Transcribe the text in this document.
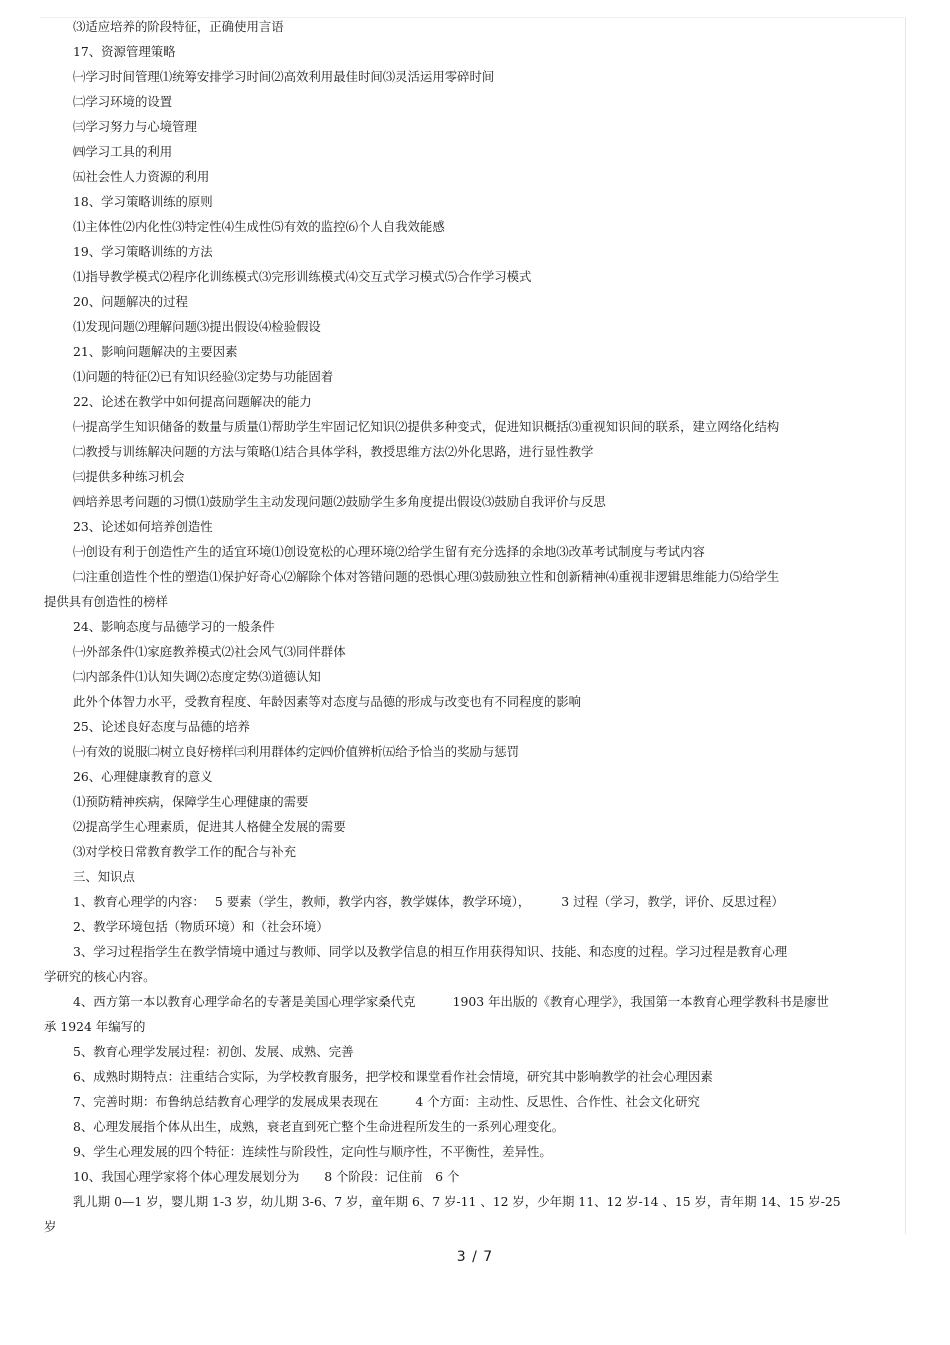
⑶适应培养的阶段特征，正确使用言语

17、资源管理策略

㈠学习时间管理⑴统筹安排学习时间⑵高效利用最佳时间⑶灵活运用零碎时间

㈡学习环境的设置

㈢学习努力与心境管理

㈣学习工具的利用

㈤社会性人力资源的利用

18、学习策略训练的原则

⑴主体性⑵内化性⑶特定性⑷生成性⑸有效的监控⑹个人自我效能感

19、学习策略训练的方法

⑴指导教学模式⑵程序化训练模式⑶完形训练模式⑷交互式学习模式⑸合作学习模式

20、问题解决的过程

⑴发现问题⑵理解问题⑶提出假设⑷检验假设

21、影响问题解决的主要因素

⑴问题的特征⑵已有知识经验⑶定势与功能固着

22、论述在教学中如何提高问题解决的能力

㈠提高学生知识储备的数量与质量⑴帮助学生牢固记忆知识⑵提供多种变式，促进知识概括⑶重视知识间的联系，建立网络化结构

㈡教授与训练解决问题的方法与策略⑴结合具体学科，教授思维方法⑵外化思路，进行显性教学

㈢提供多种练习机会

㈣培养思考问题的习惯⑴鼓励学生主动发现问题⑵鼓励学生多角度提出假设⑶鼓励自我评价与反思

23、论述如何培养创造性

㈠创设有利于创造性产生的适宜环境⑴创设宽松的心理环境⑵给学生留有充分选择的余地⑶改革考试制度与考试内容

㈡注重创造性个性的塑造⑴保护好奇心⑵解除个体对答错问题的恐惧心理⑶鼓励独立性和创新精神⑷重视非逻辑思维能力⑸给学生

提供具有创造性的榜样

24、影响态度与品德学习的一般条件

㈠外部条件⑴家庭教养模式⑵社会风气⑶同伴群体

㈡内部条件⑴认知失调⑵态度定势⑶道德认知

此外个体智力水平，受教育程度、年龄因素等对态度与品德的形成与改变也有不同程度的影响

25、论述良好态度与品德的培养

㈠有效的说服㈡树立良好榜样㈢利用群体约定㈣价值辨析㈤给予恰当的奖励与惩罚

26、心理健康教育的意义

⑴预防精神疾病，保障学生心理健康的需要

⑵提高学生心理素质，促进其人格健全发展的需要

⑶对学校日常教育教学工作的配合与补充

三、知识点

1、教育心理学的内容：　 5 要素（学生，教师，教学内容，教学媒体，教学环境），　　　3 过程（学习，教学，评价、反思过程）

2、教学环境包括（物质环境）和（社会环境）

3、学习过程指学生在教学情境中通过与教师、同学以及教学信息的相互作用获得知识、技能、和态度的过程。学习过程是教育心理

学研究的核心内容。

4、西方第一本以教育心理学命名的专著是美国心理学家桑代克　　　1903 年出版的《教育心理学》，我国第一本教育心理学教科书是廖世

承 1924 年编写的

5、教育心理学发展过程：初创、发展、成熟、完善

6、成熟时期特点：注重结合实际，为学校教育服务，把学校和课堂看作社会情境，研究其中影响教学的社会心理因素

7、完善时期：布鲁纳总结教育心理学的发展成果表现在　　　4 个方面：主动性、反思性、合作性、社会文化研究

8、心理发展指个体从出生，成熟，衰老直到死亡整个生命进程所发生的一系列心理变化。

9、学生心理发展的四个特征：连续性与阶段性，定向性与顺序性，不平衡性，差异性。

10、我国心理学家将个体心理发展划分为　　8 个阶段：记住前　6 个

乳儿期 0—1 岁，婴儿期 1-3 岁，幼儿期 3-6、7 岁，童年期 6、7 岁-11 、12 岁，少年期 11、12 岁-14 、15 岁，青年期 14、15 岁-25

岁

3 / 7
